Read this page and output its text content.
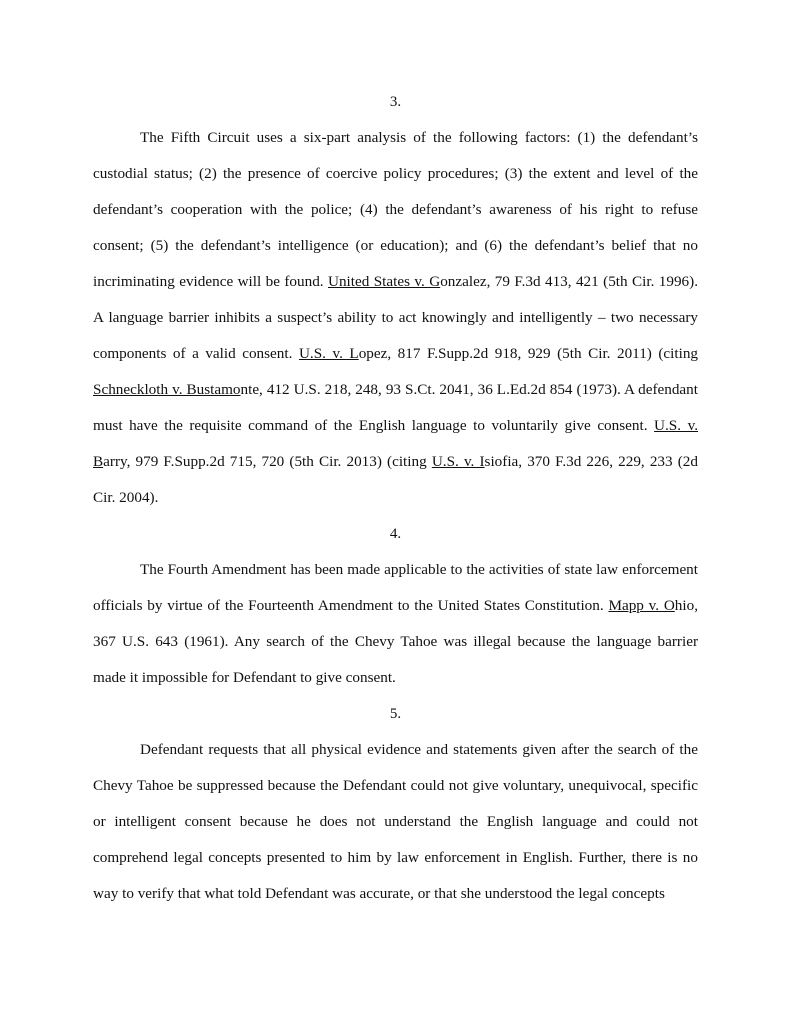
3.

The Fifth Circuit uses a six-part analysis of the following factors: (1) the defendant’s custodial status; (2) the presence of coercive policy procedures; (3) the extent and level of the defendant’s cooperation with the police; (4) the defendant’s awareness of his right to refuse consent; (5) the defendant’s intelligence (or education); and (6) the defendant’s belief that no incriminating evidence will be found. United States v. Gonzalez, 79 F.3d 413, 421 (5th Cir. 1996). A language barrier inhibits a suspect’s ability to act knowingly and intelligently – two necessary components of a valid consent. U.S. v. Lopez, 817 F.Supp.2d 918, 929 (5th Cir. 2011) (citing Schneckloth v. Bustamonte, 412 U.S. 218, 248, 93 S.Ct. 2041, 36 L.Ed.2d 854 (1973). A defendant must have the requisite command of the English language to voluntarily give consent. U.S. v. Barry, 979 F.Supp.2d 715, 720 (5th Cir. 2013) (citing U.S. v. Isiofia, 370 F.3d 226, 229, 233 (2d Cir. 2004).

4.

The Fourth Amendment has been made applicable to the activities of state law enforcement officials by virtue of the Fourteenth Amendment to the United States Constitution. Mapp v. Ohio, 367 U.S. 643 (1961). Any search of the Chevy Tahoe was illegal because the language barrier made it impossible for Defendant to give consent.

5.

Defendant requests that all physical evidence and statements given after the search of the Chevy Tahoe be suppressed because the Defendant could not give voluntary, unequivocal, specific or intelligent consent because he does not understand the English language and could not comprehend legal concepts presented to him by law enforcement in English. Further, there is no way to verify that what told Defendant was accurate, or that she understood the legal concepts
